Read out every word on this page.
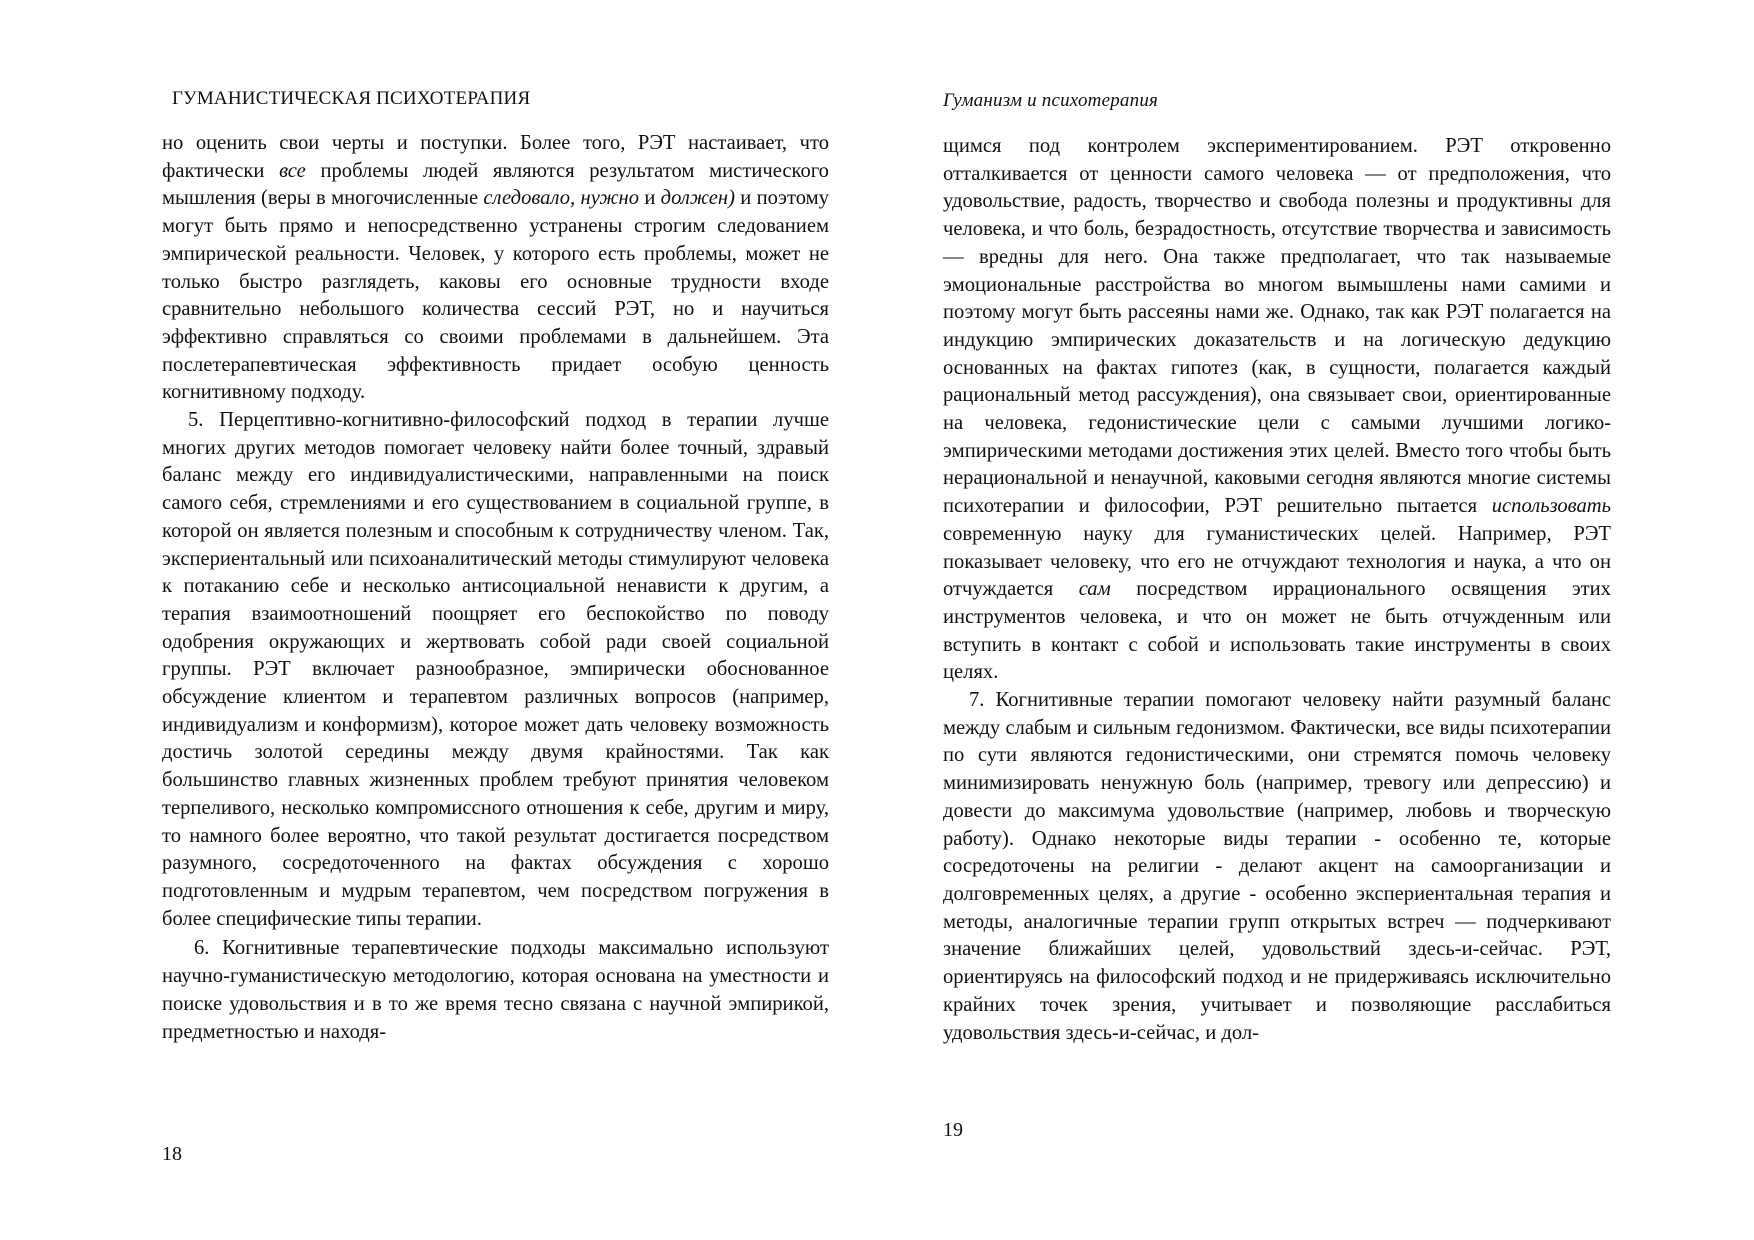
ГУМАНИСТИЧЕСКАЯ ПСИХОТЕРАПИЯ

но оценить свои черты и поступки. Более того, РЭТ настаивает, что фактически все проблемы людей являются результатом мистического мышления (веры в многочисленные следовало, нужно и должен) и поэтому могут быть прямо и непосредственно устранены строгим следованием эмпирической реальности. Человек, у которого есть проблемы, может не только быстро разглядеть, каковы его основные трудности входе сравнительно небольшого количества сессий РЭТ, но и научиться эффективно справляться со своими проблемами в дальнейшем. Эта послетерапевтическая эффективность придает особую ценность когнитивному подходу.

5. Перцептивно-когнитивно-философский подход в терапии лучше многих других методов помогает человеку найти более точный, здравый баланс между его индивидуалистическими, направленными на поиск самого себя, стремлениями и его существованием в социальной группе, в которой он является полезным и способным к сотрудничеству членом. Так, экспериентальный или психоаналитический методы стимулируют человека к потаканию себе и несколько антисоциальной ненависти к другим, а терапия взаимоотношений поощряет его беспокойство по поводу одобрения окружающих и жертвовать собой ради своей социальной группы. РЭТ включает разнообразное, эмпирически обоснованное обсуждение клиентом и терапевтом различных вопросов (например, индивидуализм и конформизм), которое может дать человеку возможность достичь золотой середины между двумя крайностями. Так как большинство главных жизненных проблем требуют принятия человеком терпеливого, несколько компромиссного отношения к себе, другим и миру, то намного более вероятно, что такой результат достигается посредством разумного, сосредоточенного на фактах обсуждения с хорошо подготовленным и мудрым терапевтом, чем посредством погружения в более специфические типы терапии.

6. Когнитивные терапевтические подходы максимально используют научно-гуманистическую методологию, которая основана на уместности и поиске удовольствия и в то же время тесно связана с научной эмпирикой, предметностью и находя-

18
Гуманизм и психотерапия

щимся под контролем экспериментированием. РЭТ откровенно отталкивается от ценности самого человека — от предположения, что удовольствие, радость, творчество и свобода полезны и продуктивны для человека, и что боль, безрадостность, отсутствие творчества и зависимость — вредны для него. Она также предполагает, что так называемые эмоциональные расстройства во многом вымышлены нами самими и поэтому могут быть рассеяны нами же. Однако, так как РЭТ полагается на индукцию эмпирических доказательств и на логическую дедукцию основанных на фактах гипотез (как, в сущности, полагается каждый рациональный метод рассуждения), она связывает свои, ориентированные на человека, гедонистические цели с самыми лучшими логико-эмпирическими методами достижения этих целей. Вместо того чтобы быть нерациональной и ненаучной, каковыми сегодня являются многие системы психотерапии и философии, РЭТ решительно пытается использовать современную науку для гуманистических целей. Например, РЭТ показывает человеку, что его не отчуждают технология и наука, а что он отчуждается сам посредством иррационального освящения этих инструментов человека, и что он может не быть отчужденным или вступить в контакт с собой и использовать такие инструменты в своих целях.

7. Когнитивные терапии помогают человеку найти разумный баланс между слабым и сильным гедонизмом. Фактически, все виды психотерапии по сути являются гедонистическими, они стремятся помочь человеку минимизировать ненужную боль (например, тревогу или депрессию) и довести до максимума удовольствие (например, любовь и творческую работу). Однако некоторые виды терапии - особенно те, которые сосредоточены на религии - делают акцент на самоорганизации и долговременных целях, а другие - особенно экспериентальная терапия и методы, аналогичные терапии групп открытых встреч — подчеркивают значение ближайших целей, удовольствий здесь-и-сейчас. РЭТ, ориентируясь на философский подход и не придерживаясь исключительно крайних точек зрения, учитывает и позволяющие расслабиться удовольствия здесь-и-сейчас, и дол-

19
